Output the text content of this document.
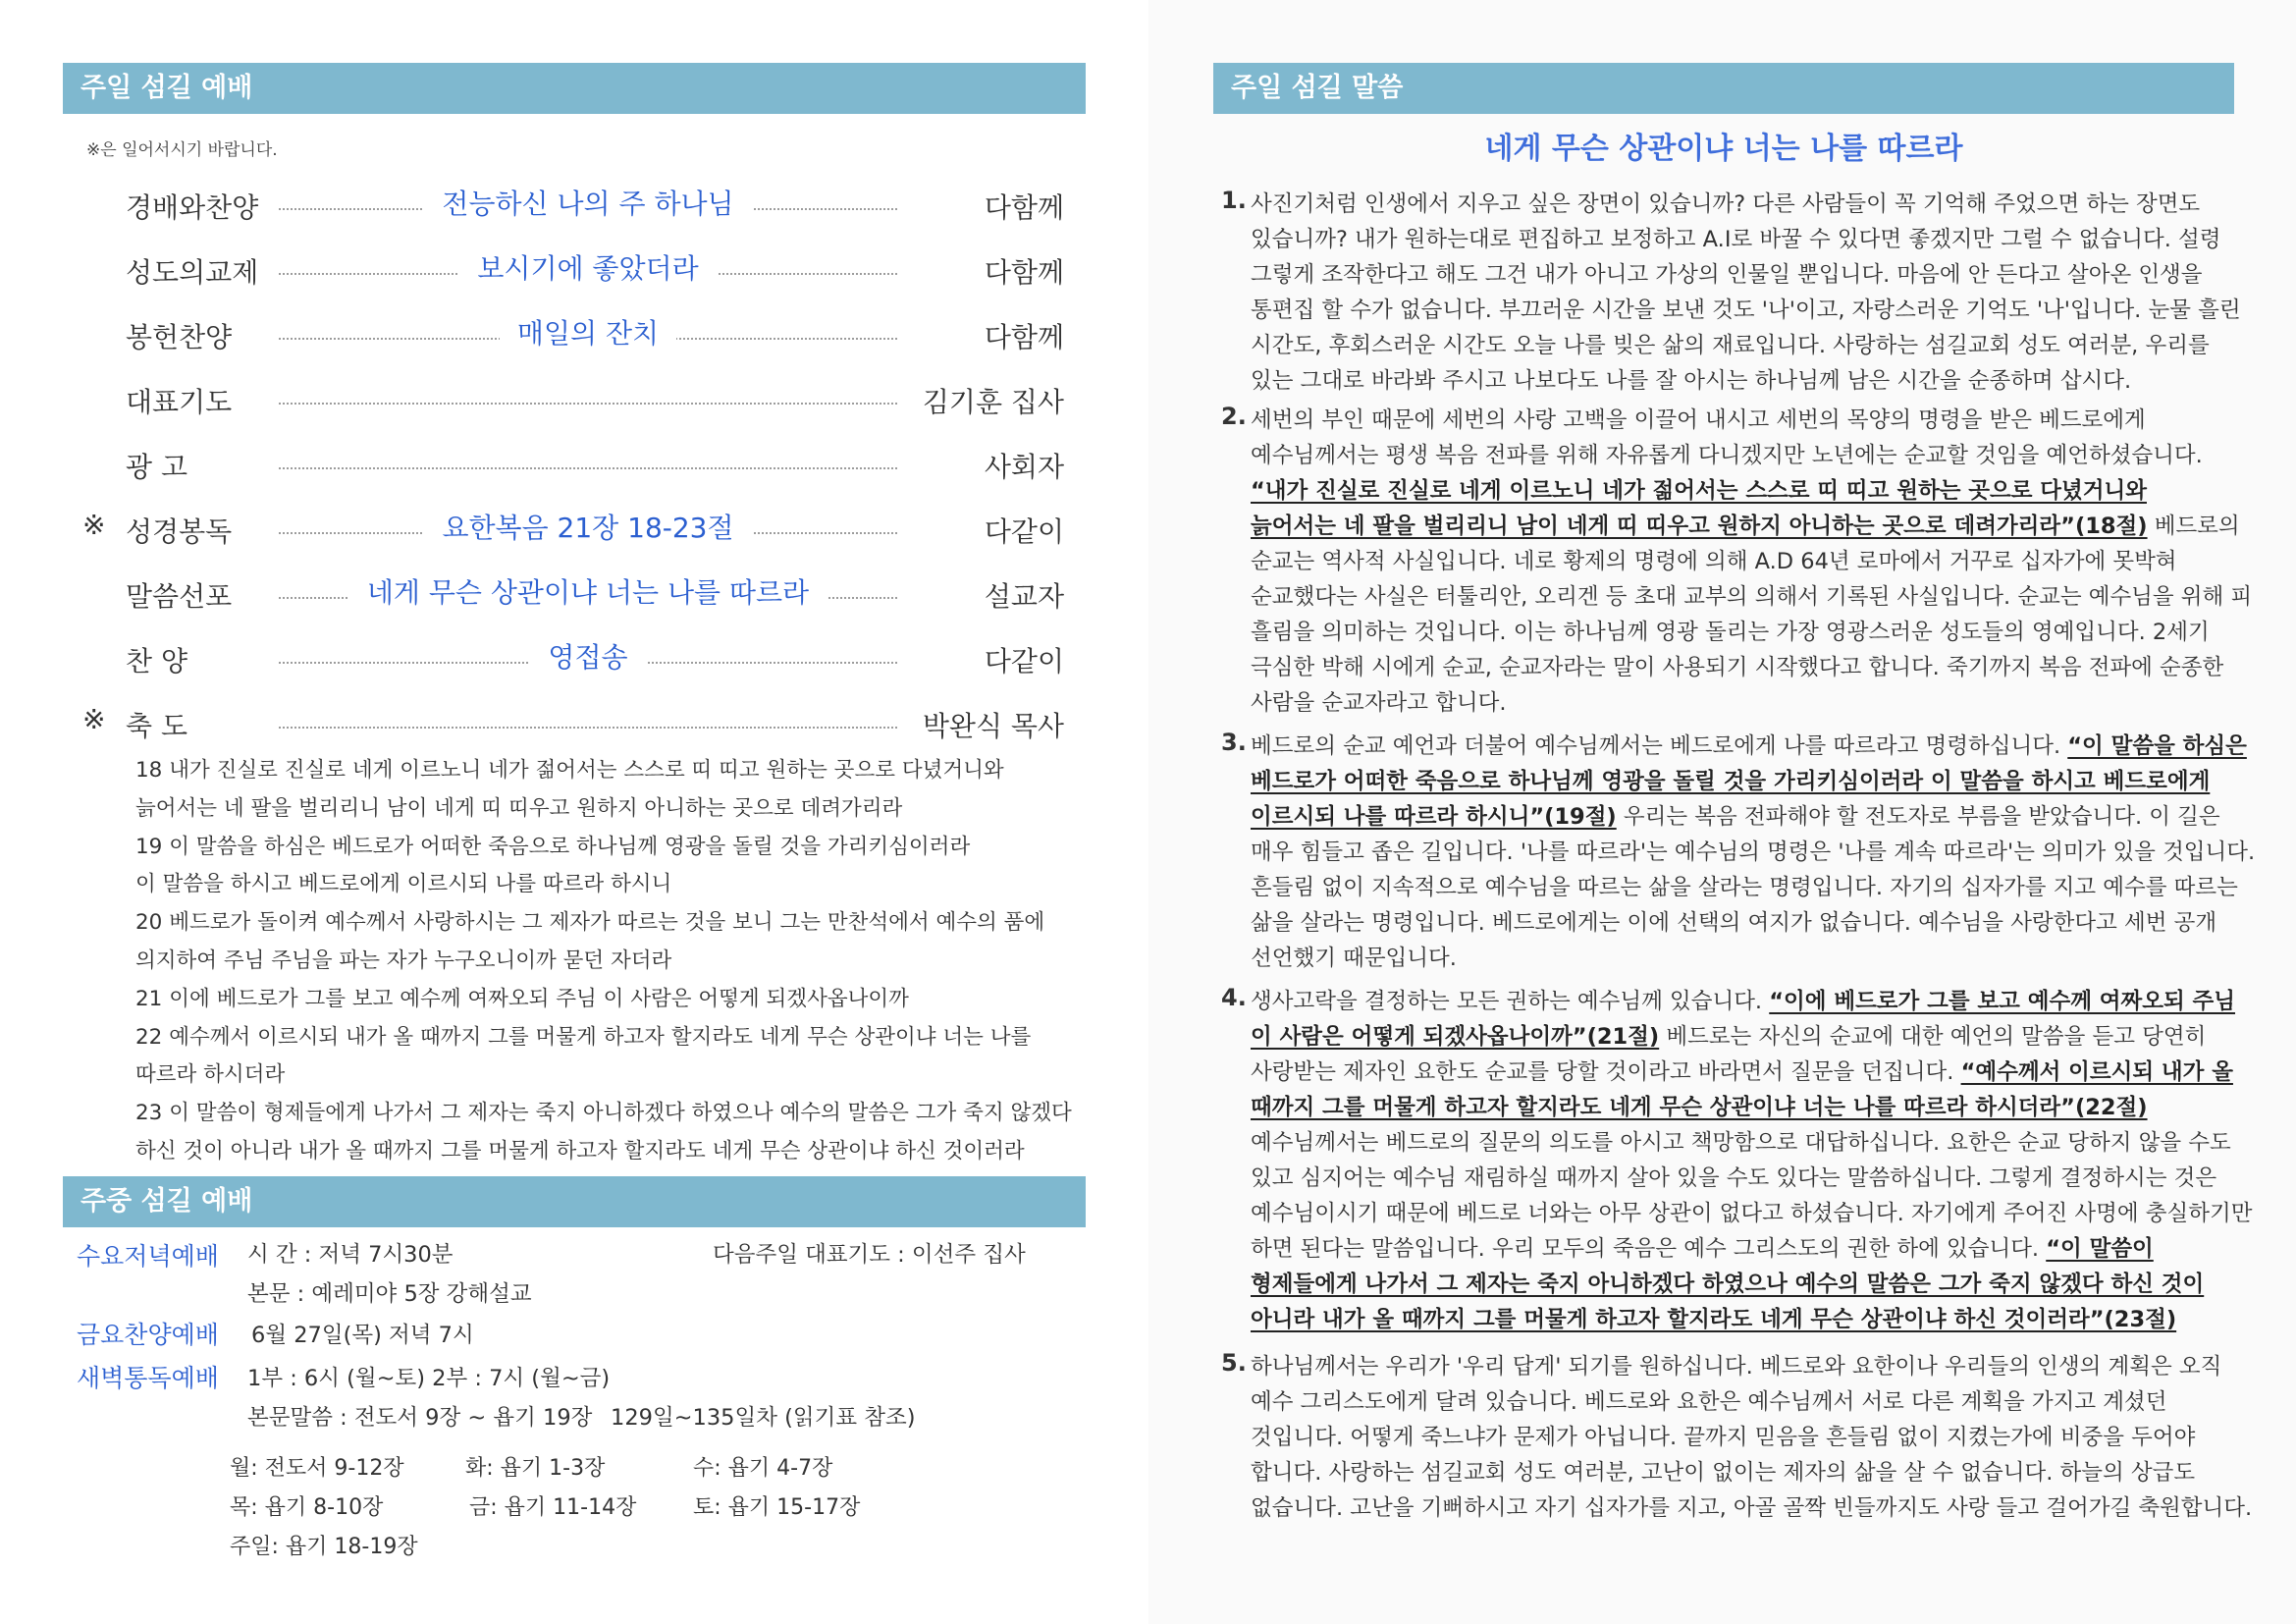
주일 섬길 예배
※은 일어서시기 바랍니다.
경배와찬양	전능하신 나의 주 하나님	다함께
성도의교제	보시기에 좋았더라	다함께
봉헌찬양	매일의 잔치	다함께
대표기도	김기훈 집사
광 고	사회자
※ 성경봉독	요한복음 21장 18-23절	다같이
말씀선포	네게 무슨 상관이냐 너는 나를 따르라	설교자
찬 양	영접송	다같이
※ 축 도	박완식 목사

18 내가 진실로 진실로 네게 이르노니 네가 젊어서는 스스로 띠 띠고 원하는 곳으로 다녔거니와

늙어서는 네 팔을 벌리리니 남이 네게 띠 띠우고 원하지 아니하는 곳으로 데려가리라

19 이 말씀을 하심은 베드로가 어떠한 죽음으로 하나님께 영광을 돌릴 것을 가리키심이러라

이 말씀을 하시고 베드로에게 이르시되 나를 따르라 하시니

20 베드로가 돌이켜 예수께서 사랑하시는 그 제자가 따르는 것을 보니 그는 만찬석에서 예수의 품에

의지하여 주님 주님을 파는 자가 누구오니이까 묻던 자더라

21 이에 베드로가 그를 보고 예수께 여짜오되 주님 이 사람은 어떻게 되겠사옵나이까

22 예수께서 이르시되 내가 올 때까지 그를 머물게 하고자 할지라도 네게 무슨 상관이냐 너는 나를

따르라 하시더라

23 이 말씀이 형제들에게 나가서 그 제자는 죽지 아니하겠다 하였으나 예수의 말씀은 그가 죽지 않겠다

하신 것이 아니라 내가 올 때까지 그를 머물게 하고자 할지라도 네게 무슨 상관이냐 하신 것이러라

주중 섬길 예배
수요저녁예배 시 간 : 저녁 7시30분	다음주일 대표기도 : 이선주 집사
본문 : 예레미야 5장 강해설교
금요찬양예배 6월 27일(목) 저녁 7시
새벽통독예배 1부 : 6시 (월~토) 2부 : 7시 (월~금)
본문말씀 : 전도서 9장 ~ 욥기 19장 129일~135일차 (읽기표 참조)
월: 전도서 9-12장	화: 욥기 1-3장	수: 욥기 4-7장
목: 욥기 8-10장	금: 욥기 11-14장	토: 욥기 15-17장
주일: 욥기 18-19장
주일 섬길 말씀
네게 무슨 상관이냐 너는 나를 따르라
1. 사진기처럼 인생에서 지우고 싶은 장면이 있습니까? 다른 사람들이 꼭 기억해 주었으면 하는 장면도
있습니까? 내가 원하는대로 편집하고 보정하고 A.I로 바꿀 수 있다면 좋겠지만 그럴 수 없습니다. 설령
그렇게 조작한다고 해도 그건 내가 아니고 가상의 인물일 뿐입니다. 마음에 안 든다고 살아온 인생을
통편집 할 수가 없습니다. 부끄러운 시간을 보낸 것도 '나'이고, 자랑스러운 기억도 '나'입니다. 눈물 흘린
시간도, 후회스러운 시간도 오늘 나를 빚은 삶의 재료입니다. 사랑하는 섬길교회 성도 여러분, 우리를
있는 그대로 바라봐 주시고 나보다도 나를 잘 아시는 하나님께 남은 시간을 순종하며 삽시다.
2. 세번의 부인 때문에 세번의 사랑 고백을 이끌어 내시고 세번의 목양의 명령을 받은 베드로에게
예수님께서는 평생 복음 전파를 위해 자유롭게 다니겠지만 노년에는 순교할 것임을 예언하셨습니다.
“내가 진실로 진실로 네게 이르노니 네가 젊어서는 스스로 띠 띠고 원하는 곳으로 다녔거니와
늙어서는 네 팔을 벌리리니 남이 네게 띠 띠우고 원하지 아니하는 곳으로 데려가리라”(18절) 베드로의
순교는 역사적 사실입니다. 네로 황제의 명령에 의해 A.D 64년 로마에서 거꾸로 십자가에 못박혀
순교했다는 사실은 터툴리안, 오리겐 등 초대 교부의 의해서 기록된 사실입니다. 순교는 예수님을 위해 피
흘림을 의미하는 것입니다. 이는 하나님께 영광 돌리는 가장 영광스러운 성도들의 영예입니다. 2세기
극심한 박해 시에게 순교, 순교자라는 말이 사용되기 시작했다고 합니다. 죽기까지 복음 전파에 순종한
사람을 순교자라고 합니다.
3. 베드로의 순교 예언과 더불어 예수님께서는 베드로에게 나를 따르라고 명령하십니다. “이 말씀을 하심은
베드로가 어떠한 죽음으로 하나님께 영광을 돌릴 것을 가리키심이러라 이 말씀을 하시고 베드로에게
이르시되 나를 따르라 하시니”(19절) 우리는 복음 전파해야 할 전도자로 부름을 받았습니다. 이 길은
매우 힘들고 좁은 길입니다. '나를 따르라'는 예수님의 명령은 '나를 계속 따르라'는 의미가 있을 것입니다.
흔들림 없이 지속적으로 예수님을 따르는 삶을 살라는 명령입니다. 자기의 십자가를 지고 예수를 따르는
삶을 살라는 명령입니다. 베드로에게는 이에 선택의 여지가 없습니다. 예수님을 사랑한다고 세번 공개
선언했기 때문입니다.
4. 생사고락을 결정하는 모든 권하는 예수님께 있습니다. “이에 베드로가 그를 보고 예수께 여짜오되 주님
이 사람은 어떻게 되겠사옵나이까”(21절) 베드로는 자신의 순교에 대한 예언의 말씀을 듣고 당연히
사랑받는 제자인 요한도 순교를 당할 것이라고 바라면서 질문을 던집니다. “예수께서 이르시되 내가 올
때까지 그를 머물게 하고자 할지라도 네게 무슨 상관이냐 너는 나를 따르라 하시더라”(22절)
예수님께서는 베드로의 질문의 의도를 아시고 책망함으로 대답하십니다. 요한은 순교 당하지 않을 수도
있고 심지어는 예수님 재림하실 때까지 살아 있을 수도 있다는 말씀하십니다. 그렇게 결정하시는 것은
예수님이시기 때문에 베드로 너와는 아무 상관이 없다고 하셨습니다. 자기에게 주어진 사명에 충실하기만
하면 된다는 말씀입니다. 우리 모두의 죽음은 예수 그리스도의 권한 하에 있습니다. “이 말씀이
형제들에게 나가서 그 제자는 죽지 아니하겠다 하였으나 예수의 말씀은 그가 죽지 않겠다 하신 것이
아니라 내가 올 때까지 그를 머물게 하고자 할지라도 네게 무슨 상관이냐 하신 것이러라”(23절)
5. 하나님께서는 우리가 '우리 답게' 되기를 원하십니다. 베드로와 요한이나 우리들의 인생의 계획은 오직
예수 그리스도에게 달려 있습니다. 베드로와 요한은 예수님께서 서로 다른 계획을 가지고 계셨던
것입니다. 어떻게 죽느냐가 문제가 아닙니다. 끝까지 믿음을 흔들림 없이 지켰는가에 비중을 두어야
합니다. 사랑하는 섬길교회 성도 여러분, 고난이 없이는 제자의 삶을 살 수 없습니다. 하늘의 상급도
없습니다. 고난을 기뻐하시고 자기 십자가를 지고, 아골 골짝 빈들까지도 사랑 들고 걸어가길 축원합니다.
